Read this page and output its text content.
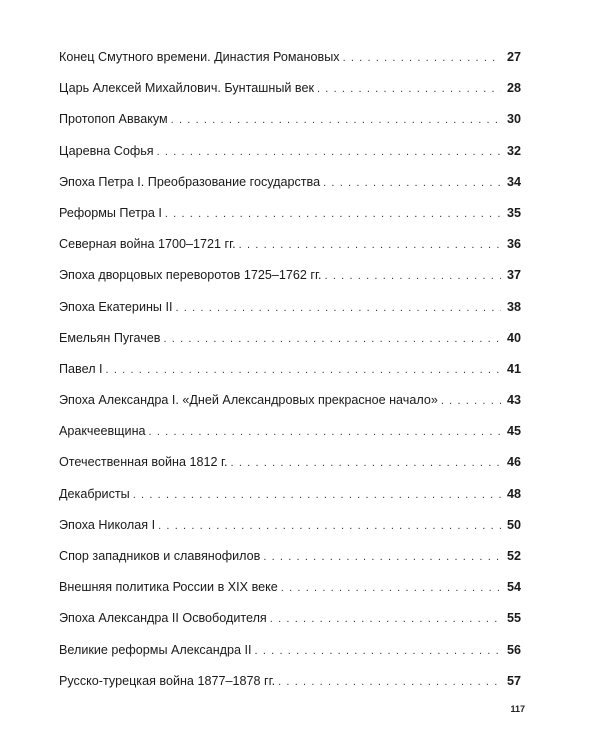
Конец Смутного времени. Династия Романовых . . .	27
Царь Алексей Михайлович. Бунташный век . . .	28
Протопоп Аввакум . . .	30
Царевна Софья . . .	32
Эпоха Петра I. Преобразование государства . . .	34
Реформы Петра I . . .	35
Северная война 1700–1721 гг. . . .	36
Эпоха дворцовых переворотов 1725–1762 гг. . . .	37
Эпоха Екатерины II . . .	38
Емельян Пугачев . . .	40
Павел I . . .	41
Эпоха Александра I. «Дней Александровых прекрасное начало» . . .	43
Аракчеевщина . . .	45
Отечественная война 1812 г. . . .	46
Декабристы . . .	48
Эпоха Николая I . . .	50
Спор западников и славянофилов . . .	52
Внешняя политика России в XIX веке . . .	54
Эпоха Александра II Освободителя . . .	55
Великие реформы Александра II . . .	56
Русско-турецкая война 1877–1878 гг. . . .	57
117
